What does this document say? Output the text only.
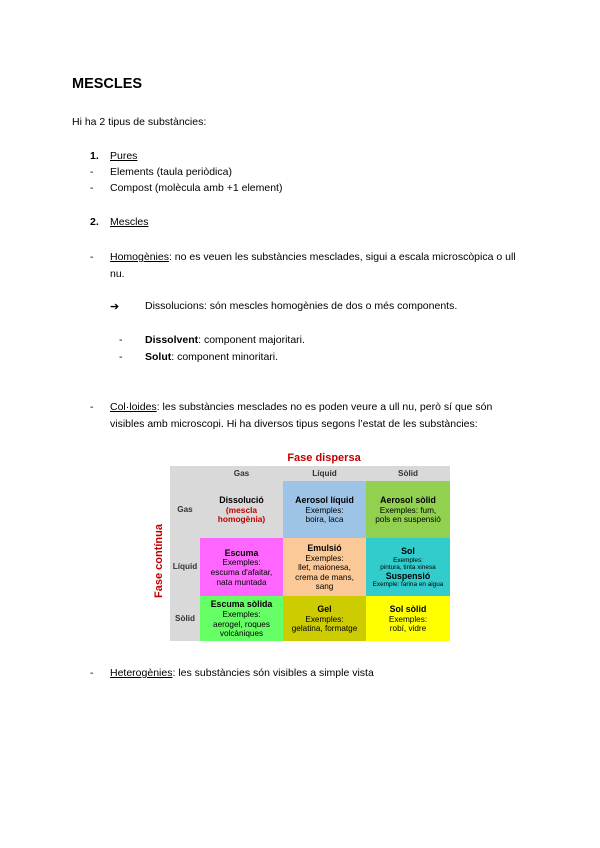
MESCLES
Hi ha 2 tipus de substàncies:
1. Pures
- Elements (taula periòdica)
- Compost (molècula amb +1 element)
2. Mescles
- Homogènies: no es veuen les substàncies mesclades, sigui a escala microscòpica o ull
nu.
➔ Dissolucions: són mescles homogènies de dos o més components.
- Dissolvent: component majoritari.
- Solut: component minoritari.
- Col·loides: les substàncies mesclades no es poden veure a ull nu, però sí que són
visibles amb microscopi. Hi ha diversos tipus segons l’estat de les substàncies:
Fase dispersa
Fase contínua
Gas	Líquid	Sòlid
Gas
Líquid
Sòlid
Dissolució
(mescla
homogènia)
Aerosol líquid
Exemples:
boira, laca
Aerosol sòlid
Exemples: fum,
pols en suspensió
Escuma
Exemples:
escuma d'afaitar,
nata muntada
Emulsió
Exemples:
llet, maionesa,
crema de mans,
sang
Sol
Exemples:
pintura, tinta xinesa
Suspensió
Exemple: farina en aigua
Escuma sòlida
Exemples:
aerogel, roques
volcàniques
Gel
Exemples:
gelatina, formatge
Sol sòlid
Exemples:
robí, vidre
- Heterogènies: les substàncies són visibles a simple vista
